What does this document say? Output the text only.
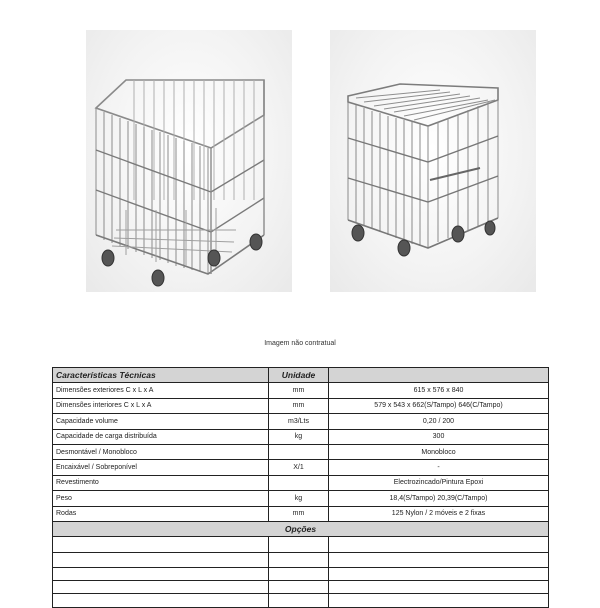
Imagem não contratual
Características Técnicas	Unidade	
Dimensões exteriores C x L x A	mm	615 x 576 x 840
Dimensões interiores C x L x A	mm	579 x 543 x 662(S/Tampo) 646(C/Tampo)
Capacidade volume	m3/Lts	0,20 / 200
Capacidade de carga distribuída	kg	300
Desmontável / Monobloco		Monobloco
Encaixável / Sobreponível	X/1	-
Revestimento		Electrozincado/Pintura Epoxi
Peso	kg	18,4(S/Tampo) 20,39(C/Tampo)
Rodas	mm	125 Nylon / 2 móveis e 2 fixas
Opções		
